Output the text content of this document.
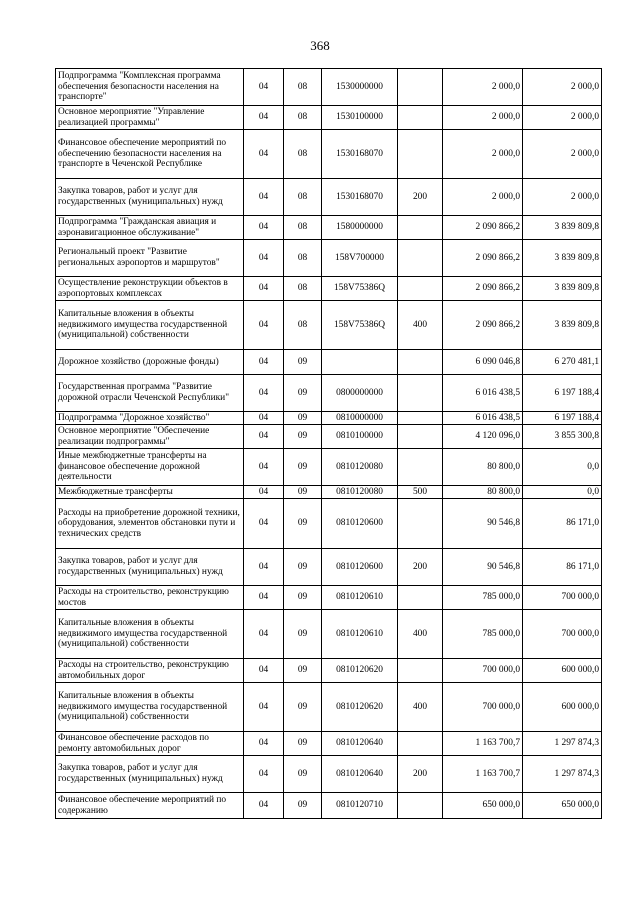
368
Подпрограмма "Комплексная программа обеспечения безопасности населения на транспорте"	04	08	1530000000		2 000,0	2 000,0
Основное мероприятие "Управление реализацией программы"	04	08	1530100000		2 000,0	2 000,0
Финансовое обеспечение мероприятий по обеспечению безопасности населения на транспорте в Чеченской Республике	04	08	1530168070		2 000,0	2 000,0
Закупка товаров, работ и услуг для государственных (муниципальных) нужд	04	08	1530168070	200	2 000,0	2 000,0
Подпрограмма "Гражданская авиация и аэронавигационное обслуживание"	04	08	1580000000		2 090 866,2	3 839 809,8
Региональный проект "Развитие региональных аэропортов и маршрутов"	04	08	158V700000		2 090 866,2	3 839 809,8
Осуществление реконструкции объектов в аэропортовых комплексах	04	08	158V75386Q		2 090 866,2	3 839 809,8
Капитальные вложения в объекты недвижимого имущества государственной (муниципальной) собственности	04	08	158V75386Q	400	2 090 866,2	3 839 809,8
Дорожное хозяйство (дорожные фонды)	04	09			6 090 046,8	6 270 481,1
Государственная программа "Развитие дорожной отрасли Чеченской Республики"	04	09	0800000000		6 016 438,5	6 197 188,4
Подпрограмма "Дорожное хозяйство"	04	09	0810000000		6 016 438,5	6 197 188,4
Основное мероприятие "Обеспечение реализации подпрограммы"	04	09	0810100000		4 120 096,0	3 855 300,8
Иные межбюджетные трансферты на финансовое обеспечение дорожной деятельности	04	09	0810120080		80 800,0	0,0
Межбюджетные трансферты	04	09	0810120080	500	80 800,0	0,0
Расходы на приобретение дорожной техники, оборудования, элементов обстановки пути и технических средств	04	09	0810120600		90 546,8	86 171,0
Закупка товаров, работ и услуг для государственных (муниципальных) нужд	04	09	0810120600	200	90 546,8	86 171,0
Расходы на строительство, реконструкцию мостов	04	09	0810120610		785 000,0	700 000,0
Капитальные вложения в объекты недвижимого имущества государственной (муниципальной) собственности	04	09	0810120610	400	785 000,0	700 000,0
Расходы на строительство, реконструкцию автомобильных дорог	04	09	0810120620		700 000,0	600 000,0
Капитальные вложения в объекты недвижимого имущества государственной (муниципальной) собственности	04	09	0810120620	400	700 000,0	600 000,0
Финансовое обеспечение расходов по ремонту автомобильных дорог	04	09	0810120640		1 163 700,7	1 297 874,3
Закупка товаров, работ и услуг для государственных (муниципальных) нужд	04	09	0810120640	200	1 163 700,7	1 297 874,3
Финансовое обеспечение мероприятий по содержанию	04	09	0810120710		650 000,0	650 000,0
